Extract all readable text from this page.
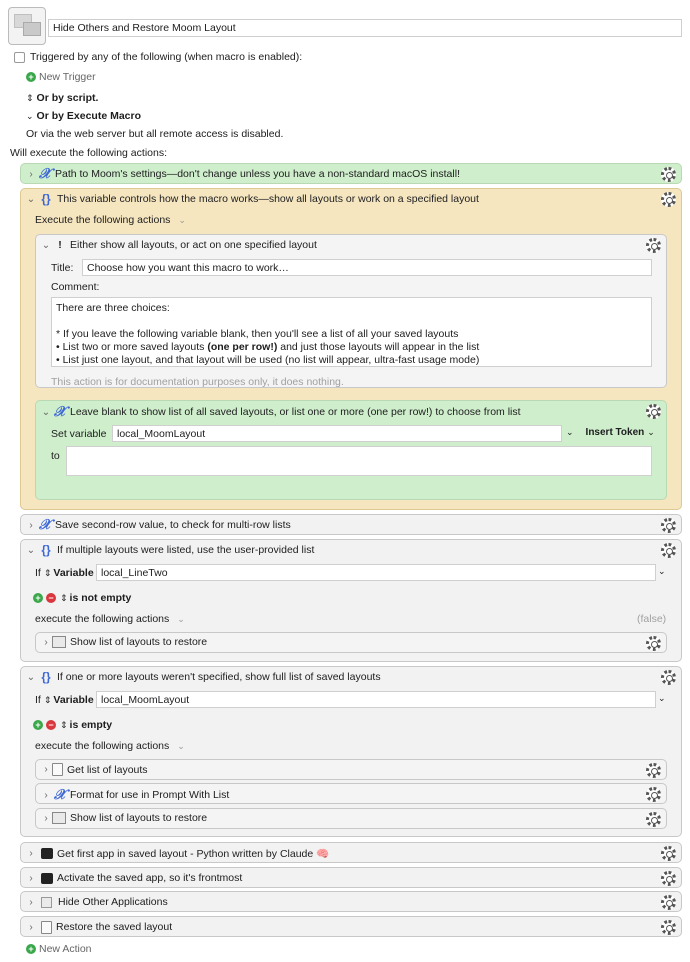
Hide Others and Restore Moom Layout
Triggered by any of the following (when macro is enabled):
+ New Trigger
⇕ Or by script.
⌄ Or by Execute Macro
Or via the web server but all remote access is disabled.
Will execute the following actions:
› 𝒳 Path to Moom's settings—don't change unless you have a non-standard macOS install!
⌄ {} This variable controls how the macro works—show all layouts or work on a specified layout
Execute the following actions ⌄
⌄ ! Either show all layouts, or act on one specified layout
Title:	Choose how you want this macro to work…
Comment:
There are three choices:
* If you leave the following variable blank, then you'll see a list of all your saved layouts
• List two or more saved layouts (one per row!) and just those layouts will appear in the list
• List just one layout, and that layout will be used (no list will appear, ultra-fast usage mode)
This action is for documentation purposes only, it does nothing.
⌄ 𝒳 Leave blank to show list of all saved layouts, or list one or more (one per row!) to choose from list
Set variable	local_MoomLayout	⌄ Insert Token ⌄
to
› 𝒳 Save second-row value, to check for multi-row lists
⌄ {} If multiple layouts were listed, use the user-provided list
If ⇕ Variable local_LineTwo	⌄
+ − ⇕ is not empty
execute the following actions ⌄	(false)
›	Show list of layouts to restore
⌄ {} If one or more layouts weren't specified, show full list of saved layouts
If ⇕ Variable local_MoomLayout	⌄
+ − ⇕ is empty
execute the following actions ⌄
›	Get list of layouts
› 𝒳 Format for use in Prompt With List
›	Show list of layouts to restore
›	Get first app in saved layout - Python written by Claude 🧠
›	Activate the saved app, so it's frontmost
›	Hide Other Applications
›	Restore the saved layout
+ New Action
